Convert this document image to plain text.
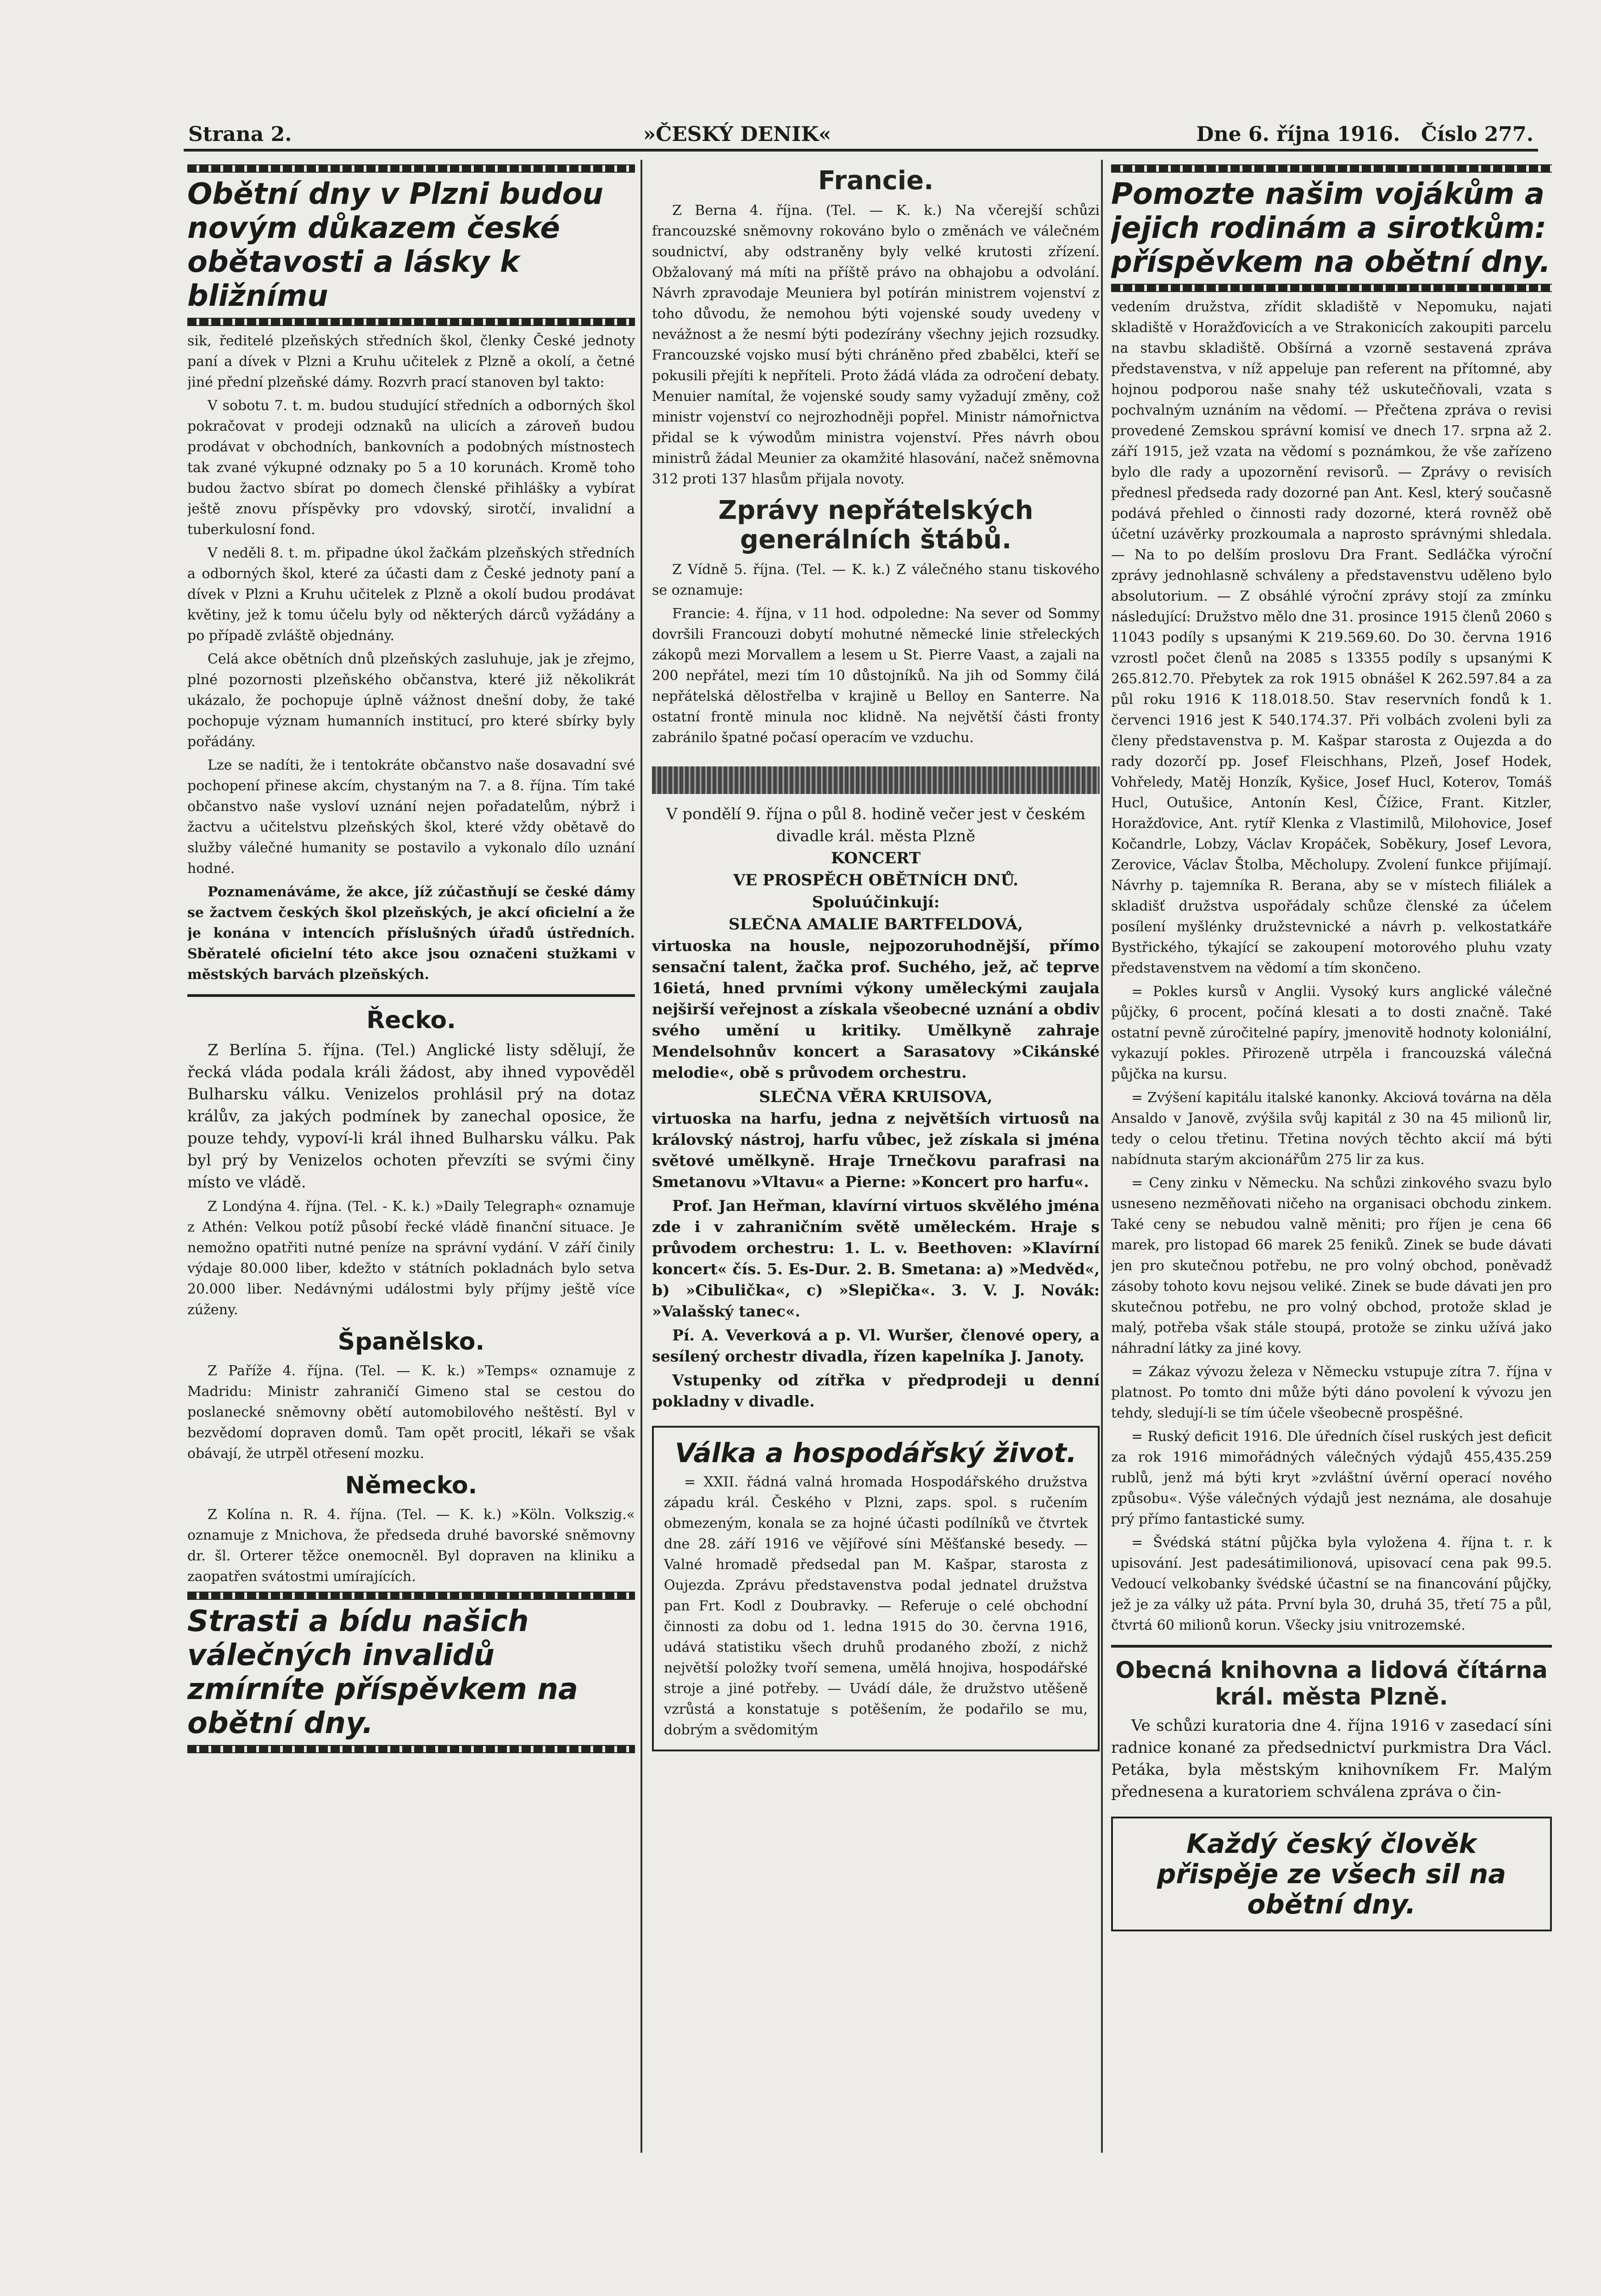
Strana 2.	»ČESKÝ DENIK«	Dne 6. října 1916. Číslo 277.
Obětní dny v Plzni budou novým důkazem české obětavosti a lásky k bližnímu

sik, ředitelé plzeňských středních škol, členky České jednoty paní a dívek v Plzni a Kruhu učitelek z Plzně a okolí, a četné jiné přední plzeňské dámy. Rozvrh prací stanoven byl takto:

V sobotu 7. t. m. budou studující středních a odborných škol pokračovat v prodeji odznaků na ulicích a zároveň budou prodávat v obchodních, bankovních a podobných místnostech tak zvané výkupné odznaky po 5 a 10 korunách. Kromě toho budou žactvo sbírat po domech členské přihlášky a vybírat ještě znovu příspěvky pro vdovský, sirotčí, invalidní a tuberkulosní fond.

V neděli 8. t. m. připadne úkol žačkám plzeňských středních a odborných škol, které za účasti dam z České jednoty paní a dívek v Plzni a Kruhu učitelek z Plzně a okolí budou prodávat květiny, jež k tomu účelu byly od některých dárců vyžádány a po případě zvláště objednány.

Celá akce obětních dnů plzeňských zasluhuje, jak je zřejmo, plné pozornosti plzeňského občanstva, které již několikrát ukázalo, že pochopuje úplně vážnost dnešní doby, že také pochopuje význam humanních institucí, pro které sbírky byly pořádány.

Lze se nadíti, že i tentokráte občanstvo naše dosavadní své pochopení přinese akcím, chystaným na 7. a 8. října. Tím také občanstvo naše vysloví uznání nejen pořadatelům, nýbrž i žactvu a učitelstvu plzeňských škol, které vždy obětavě do služby válečné humanity se postavilo a vykonalo dílo uznání hodné.

Poznamenáváme, že akce, jíž zúčastňují se české dámy se žactvem českých škol plzeňských, je akcí oficielní a že je konána v intencích příslušných úřadů ústředních. Sběratelé oficielní této akce jsou označeni stužkami v městských barvách plzeňských.

Řecko.

Z Berlína 5. října. (Tel.) Anglické listy sdělují, že řecká vláda podala králi žádost, aby ihned vypověděl Bulharsku válku. Venizelos prohlásil prý na dotaz králův, za jakých podmínek by zanechal oposice, že pouze tehdy, vypoví-li král ihned Bulharsku válku. Pak byl prý by Venizelos ochoten převzíti se svými činy místo ve vládě.

Z Londýna 4. října. (Tel. - K. k.) »Daily Telegraph« oznamuje z Athén: Velkou potíž působí řecké vládě finanční situace. Je nemožno opatřiti nutné peníze na správní vydání. V září činily výdaje 80.000 liber, kdežto v státních pokladnách bylo setva 20.000 liber. Nedávnými událostmi byly příjmy ještě více zúženy.

Španělsko.

Z Paříže 4. října. (Tel. — K. k.) »Temps« oznamuje z Madridu: Ministr zahraničí Gimeno stal se cestou do poslanecké sněmovny obětí automobilového neštěstí. Byl v bezvědomí dopraven domů. Tam opět procitl, lékaři se však obávají, že utrpěl otřesení mozku.

Německo.

Z Kolína n. R. 4. října. (Tel. — K. k.) »Köln. Volkszig.« oznamuje z Mnichova, že předseda druhé bavorské sněmovny dr. šl. Orterer těžce onemocněl. Byl dopraven na kliniku a zaopatřen svátostmi umírajících.

Strasti a bídu našich válečných invalidů zmírníte příspěvkem na obětní dny.
Francie.

Z Berna 4. října. (Tel. — K. k.) Na včerejší schůzi francouzské sněmovny rokováno bylo o změnách ve válečném soudnictví, aby odstraněny byly velké krutosti zřízení. Obžalovaný má míti na příště právo na obhajobu a odvolání. Návrh zpravodaje Meuniera byl potírán ministrem vojenství z toho důvodu, že nemohou býti vojenské soudy uvedeny v nevážnost a že nesmí býti podezírány všechny jejich rozsudky. Francouzské vojsko musí býti chráněno před zbabělci, kteří se pokusili přejíti k nepříteli. Proto žádá vláda za odročení debaty. Menuier namítal, že vojenské soudy samy vyžadují změny, což ministr vojenství co nejrozhodněji popřel. Ministr námořnictva přidal se k výwodům ministra vojenství. Přes návrh obou ministrů žádal Meunier za okamžité hlasování, načež sněmovna 312 proti 137 hlasům přijala novoty.

Zprávy nepřátelských generálních štábů.

Z Vídně 5. října. (Tel. — K. k.) Z válečného stanu tiskového se oznamuje:

Francie: 4. října, v 11 hod. odpoledne: Na sever od Sommy dovršili Francouzi dobytí mohutné německé linie střeleckých zákopů mezi Morvallem a lesem u St. Pierre Vaast, a zajali na 200 nepřátel, mezi tím 10 důstojníků. Na jih od Sommy čilá nepřátelská dělostřelba v krajině u Belloy en Santerre. Na ostatní frontě minula noc klidně. Na největší části fronty zabránilo špatné počasí operacím ve vzduchu.

V pondělí 9. října o půl 8. hodině večer jest v českém divadle král. města Plzně
KONCERT
VE PROSPĚCH OBĚTNÍCH DNŮ.
Spoluúčinkují:
SLEČNA AMALIE BARTFELDOVÁ,

virtuoska na housle, nejpozoruhodnější, přímo sensační talent, žačka prof. Suchého, jež, ač teprve 16ietá, hned prvními výkony uměleckými zaujala nejširší veřejnost a získala všeobecné uznání a obdiv svého umění u kritiky. Umělkyně zahraje Mendelsohnův koncert a Sarasatovy »Cikánské melodie«, obě s průvodem orchestru.

SLEČNA VĚRA KRUISOVA,

virtuoska na harfu, jedna z největších virtuosů na královský nástroj, harfu vůbec, jež získala si jména světové umělkyně. Hraje Trnečkovu parafrasi na Smetanovu »Vltavu« a Pierne: »Koncert pro harfu«.

Prof. Jan Heřman, klavírní virtuos skvělého jména zde i v zahraničním světě uměleckém. Hraje s průvodem orchestru: 1. L. v. Beethoven: »Klavírní koncert« čís. 5. Es-Dur. 2. B. Smetana: a) »Medvěd«, b) »Cibulička«, c) »Slepička«. 3. V. J. Novák: »Valašský tanec«.

Pí. A. Veverková a p. Vl. Wuršer, členové opery, a sesílený orchestr divadla, řízen kapelníka J. Janoty.

Vstupenky od zítřka v předprodeji u denní pokladny v divadle.

Válka a hospodářský život.

= XXII. řádná valná hromada Hospodářského družstva západu král. Českého v Plzni, zaps. spol. s ručením obmezeným, konala se za hojné účasti podílníků ve čtvrtek dne 28. září 1916 ve vějířové síni Měšťanské besedy. — Valné hromadě předsedal pan M. Kašpar, starosta z Oujezda. Zprávu představenstva podal jednatel družstva pan Frt. Kodl z Doubravky. — Referuje o celé obchodní činnosti za dobu od 1. ledna 1915 do 30. června 1916, udává statistiku všech druhů prodaného zboží, z nichž největší položky tvoří semena, umělá hnojiva, hospodářské stroje a jiné potřeby. — Uvádí dále, že družstvo utěšeně vzrůstá a konstatuje s potěšením, že podařilo se mu, dobrým a svědomitým

Pomozte našim vojákům a jejich rodinám a sirotkům: příspěvkem na obětní dny.

vedením družstva, zřídit skladiště v Nepomuku, najati skladiště v Horažďovicích a ve Strakonicích zakoupiti parcelu na stavbu skladiště. Obšírná a vzorně sestavená zpráva představenstva, v níž appeluje pan referent na přítomné, aby hojnou podporou naše snahy též uskutečňovali, vzata s pochvalným uznáním na vědomí. — Přečtena zpráva o revisi provedené Zemskou správní komisí ve dnech 17. srpna až 2. září 1915, jež vzata na vědomí s poznámkou, že vše zařízeno bylo dle rady a upozornění revisorů. — Zprávy o revisích přednesl předseda rady dozorné pan Ant. Kesl, který současně podává přehled o činnosti rady dozorné, která rovněž obě účetní uzávěrky prozkoumala a naprosto správnými shledala. — Na to po delším proslovu Dra Frant. Sedláčka výroční zprávy jednohlasně schváleny a představenstvu uděleno bylo absolutorium. — Z obsáhlé výroční zprávy stojí za zmínku následující: Družstvo mělo dne 31. prosince 1915 členů 2060 s 11043 podíly s upsanými K 219.569.60. Do 30. června 1916 vzrostl počet členů na 2085 s 13355 podíly s upsanými K 265.812.70. Přebytek za rok 1915 obnášel K 262.597.84 a za půl roku 1916 K 118.018.50. Stav reservních fondů k 1. červenci 1916 jest K 540.174.37. Při volbách zvoleni byli za členy představenstva p. M. Kašpar starosta z Oujezda a do rady dozorčí pp. Josef Fleischhans, Plzeň, Josef Hodek, Vohřeledy, Matěj Honzík, Kyšice, Josef Hucl, Koterov, Tomáš Hucl, Outušice, Antonín Kesl, Čížice, Frant. Kitzler, Horažďovice, Ant. rytíř Klenka z Vlastimilů, Milohovice, Josef Kočandrle, Lobzy, Václav Kropáček, Soběkury, Josef Levora, Zerovice, Václav Štolba, Měcholupy. Zvolení funkce přijímají. Návrhy p. tajemníka R. Berana, aby se v místech filiálek a skladišť družstva uspořádaly schůze členské za účelem posílení myšlénky družstevnické a návrh p. velkostatkáře Bystřického, týkající se zakoupení motorového pluhu vzaty představenstvem na vědomí a tím skončeno.

= Pokles kursů v Anglii. Vysoký kurs anglické válečné půjčky, 6 procent, počíná klesati a to dosti značně. Také ostatní pevně zúročitelné papíry, jmenovitě hodnoty koloniální, vykazují pokles. Přirozeně utrpěla i francouzská válečná půjčka na kursu.

= Zvýšení kapitálu italské kanonky. Akciová továrna na děla Ansaldo v Janově, zvýšila svůj kapitál z 30 na 45 milionů lir, tedy o celou třetinu. Třetina nových těchto akcií má býti nabídnuta starým akcionářům 275 lir za kus.

= Ceny zinku v Německu. Na schůzi zinkového svazu bylo usneseno nezměňovati ničeho na organisaci obchodu zinkem. Také ceny se nebudou valně měniti; pro říjen je cena 66 marek, pro listopad 66 marek 25 feniků. Zinek se bude dávati jen pro skutečnou potřebu, ne pro volný obchod, poněvadž zásoby tohoto kovu nejsou veliké. Zinek se bude dávati jen pro skutečnou potřebu, ne pro volný obchod, protože sklad je malý, potřeba však stále stoupá, protože se zinku užívá jako náhradní látky za jiné kovy.

= Zákaz vývozu železa v Německu vstupuje zítra 7. října v platnost. Po tomto dni může býti dáno povolení k vývozu jen tehdy, sledují-li se tím účele všeobecně prospěšné.

= Ruský deficit 1916. Dle úředních čísel ruských jest deficit za rok 1916 mimořádných válečných výdajů 455,435.259 rublů, jenž má býti kryt »zvláštní úvěrní operací nového způsobu«. Výše válečných výdajů jest neznáma, ale dosahuje prý přímo fantastické sumy.

= Švédská státní půjčka byla vyložena 4. října t. r. k upisování. Jest padesátimilionová, upisovací cena pak 99.5. Vedoucí velkobanky švédské účastní se na financování půjčky, jež je za války už páta. První byla 30, druhá 35, třetí 75 a půl, čtvrtá 60 milionů korun. Všecky jsiu vnitrozemské.

Obecná knihovna a lidová čítárna král. města Plzně.

Ve schůzi kuratoria dne 4. října 1916 v zasedací síni radnice konané za předsednictví purkmistra Dra Václ. Petáka, byla městským knihovníkem Fr. Malým přednesena a kuratoriem schválena zpráva o čin-

Každý český člověk přispěje ze všech sil na obětní dny.
